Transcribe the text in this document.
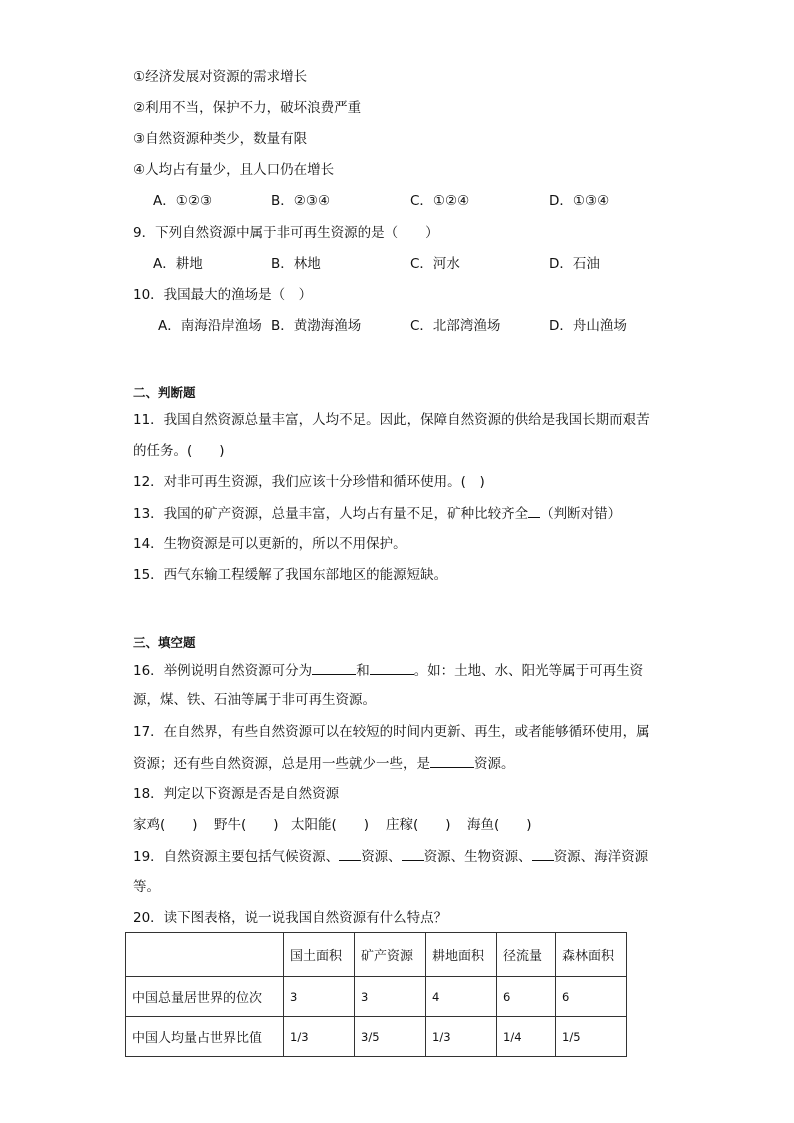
①经济发展对资源的需求增长
②利用不当，保护不力，破坏浪费严重
③自然资源种类少，数量有限
④人均占有量少，且人口仍在增长
A．①②③	B．②③④	C．①②④	D．①③④
9．下列自然资源中属于非可再生资源的是（　　）
A．耕地	B．林地	C．河水	D．石油
10．我国最大的渔场是（　）
A．南海沿岸渔场 B．黄渤海渔场	C．北部湾渔场	D．舟山渔场
二、判断题
11．我国自然资源总量丰富，人均不足。因此，保障自然资源的供给是我国长期而艰苦
的任务。(　　)
12．对非可再生资源，我们应该十分珍惜和循环使用。(　)
13．我国的矿产资源，总量丰富，人均占有量不足，矿种比较齐全 （判断对错）
14．生物资源是可以更新的，所以不用保护。
15．西气东输工程缓解了我国东部地区的能源短缺。
三、填空题
16．举例说明自然资源可分为	和	。如：土地、水、阳光等属于可再生资
源，煤、铁、石油等属于非可再生资源。
17．在自然界，有些自然资源可以在较短的时间内更新、再生，或者能够循环使用，属
资源；还有些自然资源，总是用一些就少一些，是	资源。
18．判定以下资源是否是自然资源
家鸡(　　) 野牛(　　) 太阳能(　　) 庄稼(　　) 海鱼(　　)
19．自然资源主要包括气候资源、 资源、 资源、生物资源、 资源、海洋资源
等。
20．读下图表格，说一说我国自然资源有什么特点？
	国土面积	矿产资源	耕地面积	径流量	森林面积
中国总量居世界的位次	3	3	4	6	6
中国人均量占世界比值	1/3	3/5	1/3	1/4	1/5
